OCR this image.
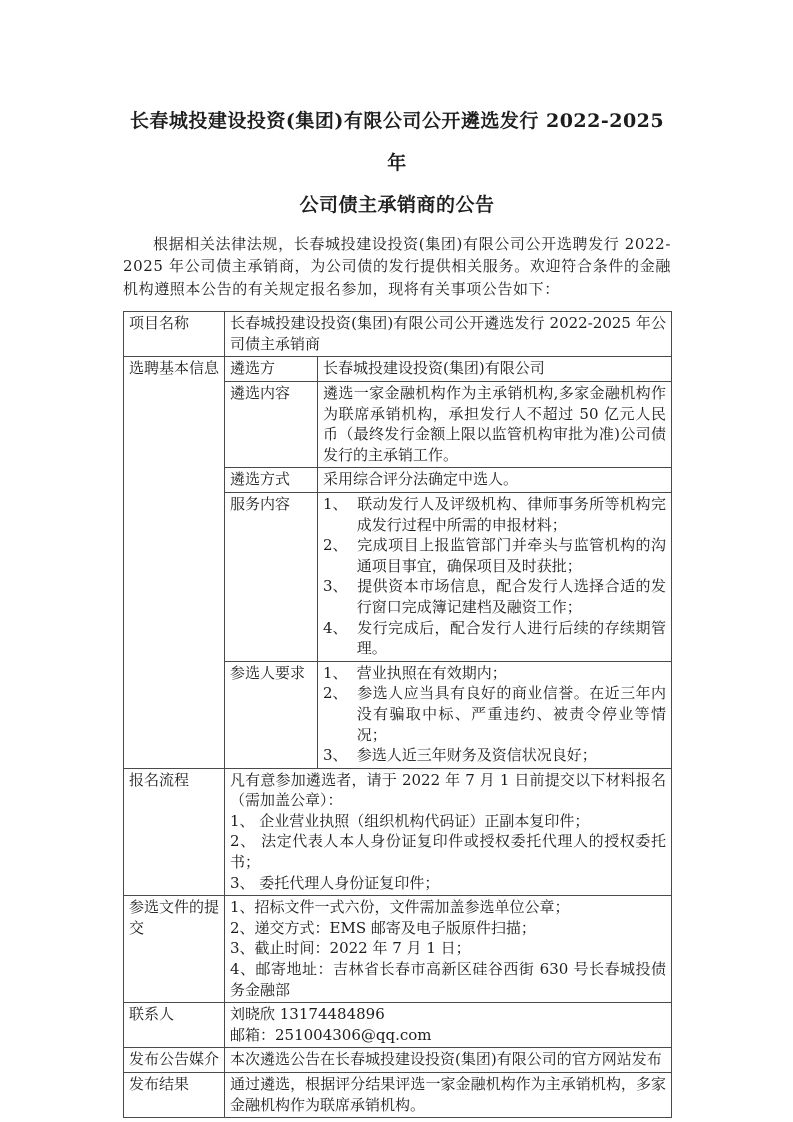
长春城投建设投资(集团)有限公司公开遴选发行 2022-2025 年
公司债主承销商的公告

根据相关法律法规，长春城投建设投资(集团)有限公司公开选聘发行 2022-2025 年公司债主承销商，为公司债的发行提供相关服务。欢迎符合条件的金融机构遵照本公告的有关规定报名参加，现将有关事项公告如下：

项目名称	长春城投建设投资(集团)有限公司公开遴选发行 2022-2025 年公司债主承销商	
选聘基本信息	遴选方	长春城投建设投资(集团)有限公司
	遴选内容	遴选一家金融机构作为主承销机构,多家金融机构作为联席承销机构，承担发行人不超过 50 亿元人民币（最终发行金额上限以监管机构审批为准)公司债发行的主承销工作。
	遴选方式	采用综合评分法确定中选人。
	服务内容	1、 联动发行人及评级机构、律师事务所等机构完成发行过程中所需的申报材料；
2、 完成项目上报监管部门并牵头与监管机构的沟通项目事宜，确保项目及时获批；
3、 提供资本市场信息，配合发行人选择合适的发行窗口完成簿记建档及融资工作；
4、 发行完成后，配合发行人进行后续的存续期管理。

	参选人要求	1、 营业执照在有效期内；
2、 参选人应当具有良好的商业信誉。在近三年内没有骗取中标、严重违约、被责令停业等情况；
3、 参选人近三年财务及资信状况良好；

报名流程	凡有意参加遴选者，请于 2022 年 7 月 1 日前提交以下材料报名（需加盖公章）：
1、 企业营业执照（组织机构代码证）正副本复印件；
2、 法定代表人本人身份证复印件或授权委托代理人的授权委托书；
3、 委托代理人身份证复印件；	

参选文件的提交	1、招标文件一式六份，文件需加盖参选单位公章；
2、递交方式：EMS 邮寄及电子版原件扫描；
3、截止时间：2022 年 7 月 1 日；
4、邮寄地址：吉林省长春市高新区硅谷西街 630 号长春城投债务金融部	

联系人	刘晓欣 13174484896
邮箱：251004306@qq.com	

发布公告媒介	本次遴选公告在长春城投建设投资(集团)有限公司的官方网站发布	
发布结果	通过遴选，根据评分结果评选一家金融机构作为主承销机构，多家金融机构作为联席承销机构。	
